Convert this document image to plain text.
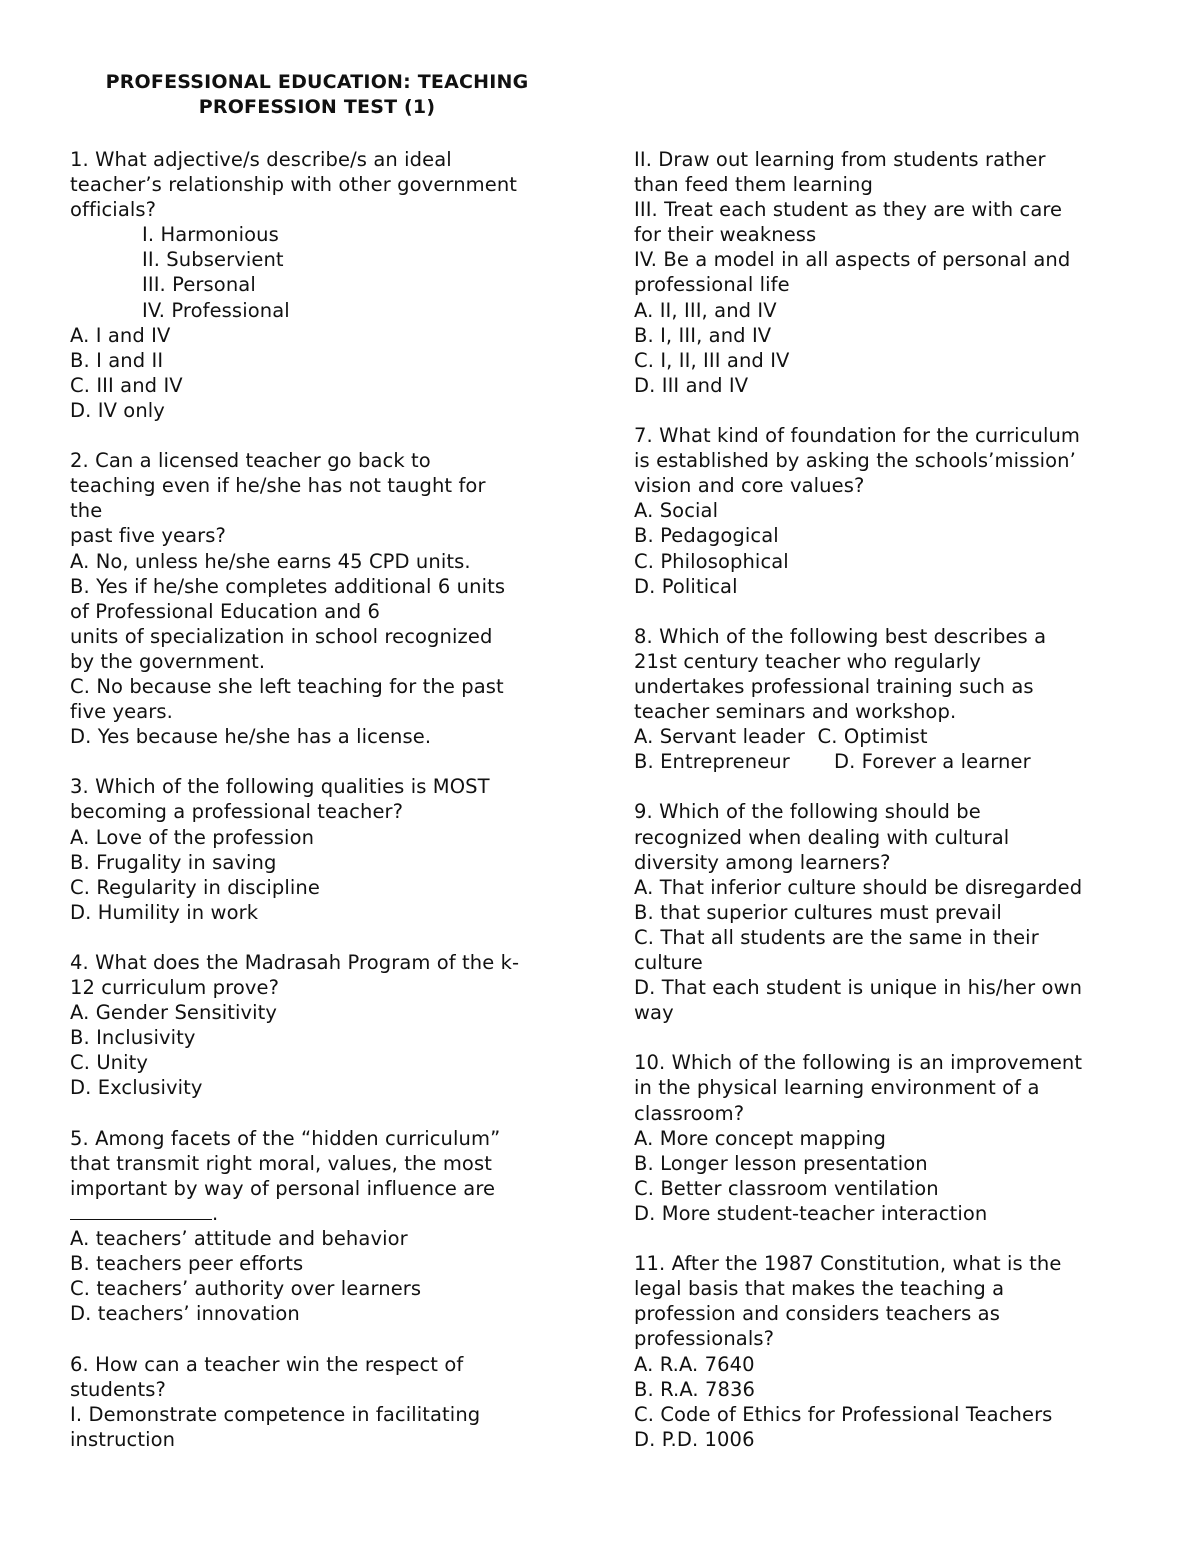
PROFESSIONAL EDUCATION: TEACHING
PROFESSION TEST (1)
1. What adjective/s describe/s an ideal
teacher’s relationship with other government
officials?
I. Harmonious
II. Subservient
III. Personal
IV. Professional
A. I and IV
B. I and II
C. III and IV
D. IV only
2. Can a licensed teacher go back to
teaching even if he/she has not taught for
the
past five years?
A. No, unless he/she earns 45 CPD units.
B. Yes if he/she completes additional 6 units
of Professional Education and 6
units of specialization in school recognized
by the government.
C. No because she left teaching for the past
five years.
D. Yes because he/she has a license.
3. Which of the following qualities is MOST
becoming a professional teacher?
A. Love of the profession
B. Frugality in saving
C. Regularity in discipline
D. Humility in work
4. What does the Madrasah Program of the k-
12 curriculum prove?
A. Gender Sensitivity
B. Inclusivity
C. Unity
D. Exclusivity
5. Among facets of the “hidden curriculum”
that transmit right moral, values, the most
important by way of personal influence are
.
A. teachers’ attitude and behavior
B. teachers peer efforts
C. teachers’ authority over learners
D. teachers’ innovation
6. How can a teacher win the respect of
students?
I. Demonstrate competence in facilitating
instruction
II. Draw out learning from students rather
than feed them learning
III. Treat each student as they are with care
for their weakness
IV. Be a model in all aspects of personal and
professional life
A. II, III, and IV
B. I, III, and IV
C. I, II, III and IV
D. III and IV
7. What kind of foundation for the curriculum
is established by asking the schools’mission’
vision and core values?
A. Social
B. Pedagogical
C. Philosophical
D. Political
8. Which of the following best describes a
21st century teacher who regularly
undertakes professional training such as
teacher seminars and workshop.
A. Servant leader  C. Optimist
B. Entrepreneur       D. Forever a learner
9. Which of the following should be
recognized when dealing with cultural
diversity among learners?
A. That inferior culture should be disregarded
B. that superior cultures must prevail
C. That all students are the same in their
culture
D. That each student is unique in his/her own
way
10. Which of the following is an improvement
in the physical learning environment of a
classroom?
A. More concept mapping
B. Longer lesson presentation
C. Better classroom ventilation
D. More student-teacher interaction
11. After the 1987 Constitution, what is the
legal basis that makes the teaching a
profession and considers teachers as
professionals?
A. R.A. 7640
B. R.A. 7836
C. Code of Ethics for Professional Teachers
D. P.D. 1006
